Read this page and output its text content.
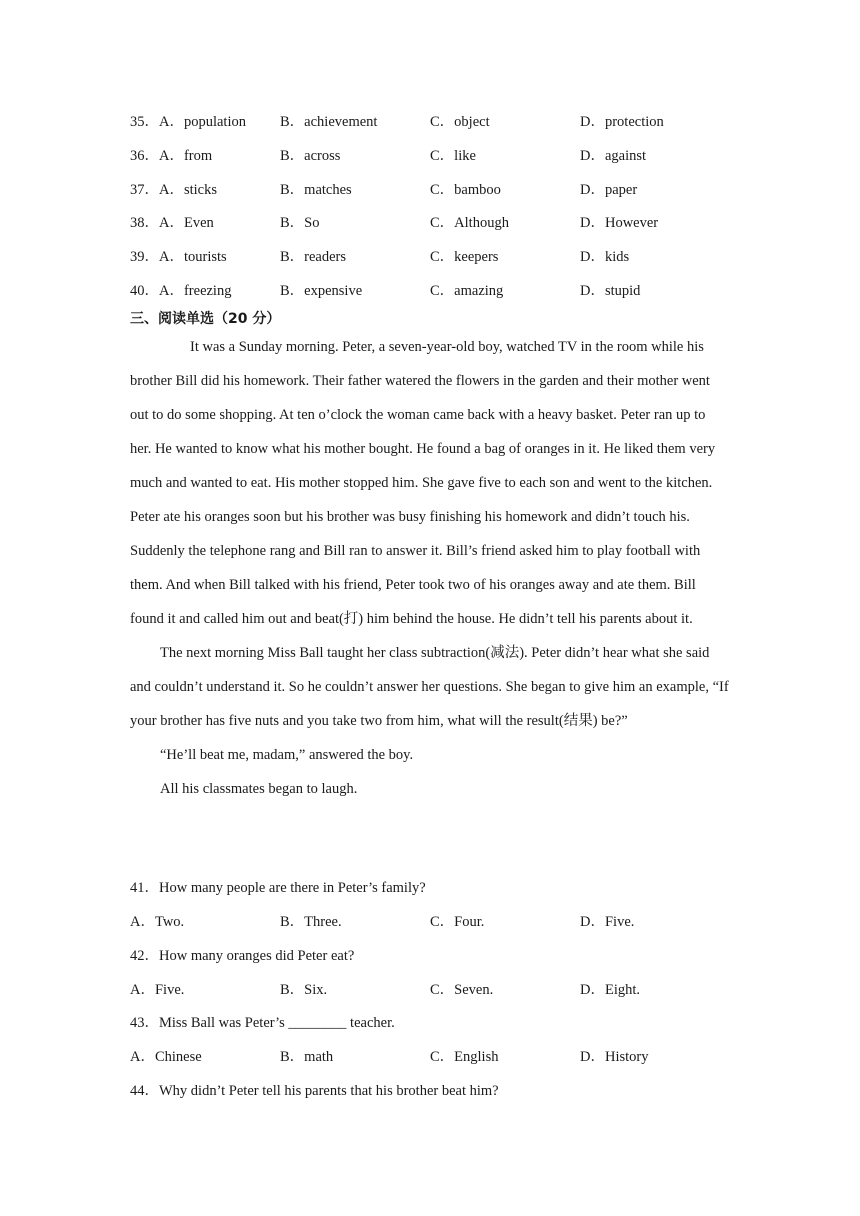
35．A．population B．achievement	C．object	D．protection
36．A．from	B．across	C．like	D．against
37．A．sticks	B．matches	C．bamboo	D．paper
38．A．Even	B．So	C．Although	D．However
39．A．tourists	B．readers	C．keepers	D．kids
40．A．freezing	B．expensive	C．amazing	D．stupid
三、阅读单选（20 分）

It was a Sunday morning. Peter, a seven-year-old boy, watched TV in the room while his brother Bill did his homework. Their father watered the flowers in the garden and their mother went out to do some shopping. At ten o’clock the woman came back with a heavy basket. Peter ran up to her. He wanted to know what his mother bought. He found a bag of oranges in it. He liked them very much and wanted to eat. His mother stopped him. She gave five to each son and went to the kitchen. Peter ate his oranges soon but his brother was busy finishing his homework and didn’t touch his. Suddenly the telephone rang and Bill ran to answer it. Bill’s friend asked him to play football with them. And when Bill talked with his friend, Peter took two of his oranges away and ate them. Bill found it and called him out and beat(打) him behind the house. He didn’t tell his parents about it.

The next morning Miss Ball taught her class subtraction(减法). Peter didn’t hear what she said and couldn’t understand it. So he couldn’t answer her questions. She began to give him an example, “If your brother has five nuts and you take two from him, what will the result(结果) be?”

“He’ll beat me, madam,” answered the boy.

All his classmates began to laugh.

41．How many people are there in Peter’s family?
A．Two.	B．Three.	C．Four.	D．Five.
42．How many oranges did Peter eat?
A．Five.	B．Six.	C．Seven.	D．Eight.
43．Miss Ball was Peter’s ________ teacher.
A．Chinese	B．math	C．English	D．History
44．Why didn’t Peter tell his parents that his brother beat him?
